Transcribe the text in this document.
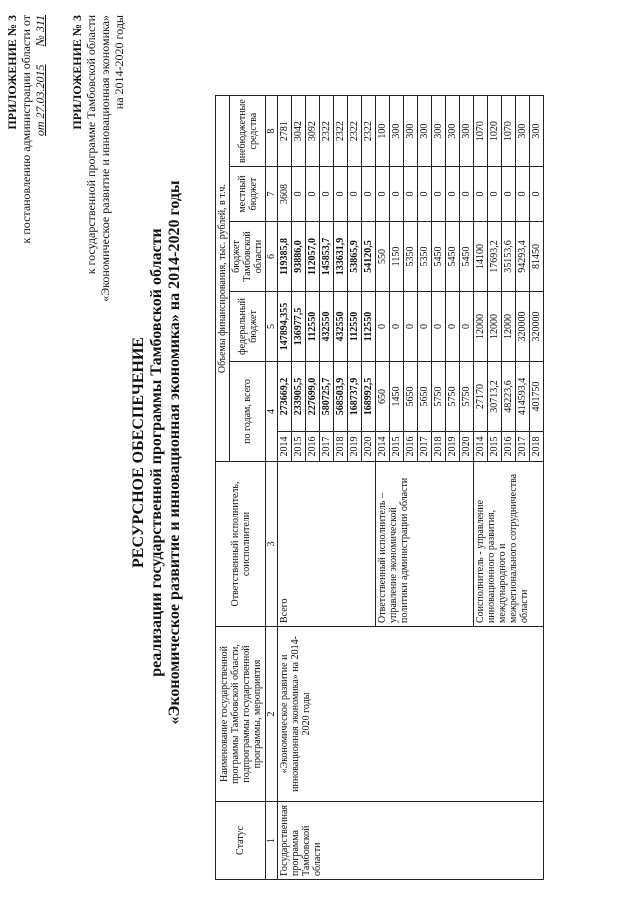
ПРИЛОЖЕНИЕ № 3 к постановлению администрации области от от 27.03.2015      № 311 ПРИЛОЖЕНИЕ № 3 к государственной программе Тамбовской области «Экономическое развитие и инновационная экономика» на 2014-2020 годы
РЕСУРСНОЕ ОБЕСПЕЧЕНИЕ реализации государственной программы Тамбовской области «Экономическое развитие и инновационная экономика» на 2014-2020 годы
Статус	Наименование государственной программы Тамбовской области, подпрограммы государственной программы, мероприятия	Ответственный исполнитель, соисполнители	Объемы финансирования, тыс. рублей, в т.ч.					
			по годам, всего		федеральный бюджет	бюджет Тамбовской области	местный бюджет	внебюджетные средства
1	2	3	4		5	6	7	8
Государственная программа Тамбовской области	«Экономическое развитие и инновационная экономика» на 2014-2020 годы	Всего	2014	273669,2	147894,355	119385,8	3608	2781
			2015	233905,5	136977,5	93886,0	0	3042
			2016	227699,0	112550	112057,0	0	3092
			2017	580725,7	432550	145853,7	0	2322
			2018	568503,9	432550	133631,9	0	2322
			2019	168737,9	112550	53865,9	0	2322
			2020	168992,5	112550	54120,5	0	2322
		Ответственный исполнитель – управление экономической политики администрации области	2014	650	0	550	0	100
			2015	1450	0	1150	0	300
			2016	5650	0	5350	0	300
			2017	5650	0	5350	0	300
			2018	5750	0	5450	0	300
			2019	5750	0	5450	0	300
			2020	5750	0	5450	0	300
		Соисполнитель - управление инновационного развития, международного и межрегионального сотрудничества области	2014	27170	12000	14100	0	1070
			2015	30713,2	12000	17693,2	0	1020
			2016	48223,6	12000	35153,6	0	1070
			2017	414593,4	320000	94293,4	0	300
			2018	401750	320000	81450	0	300
